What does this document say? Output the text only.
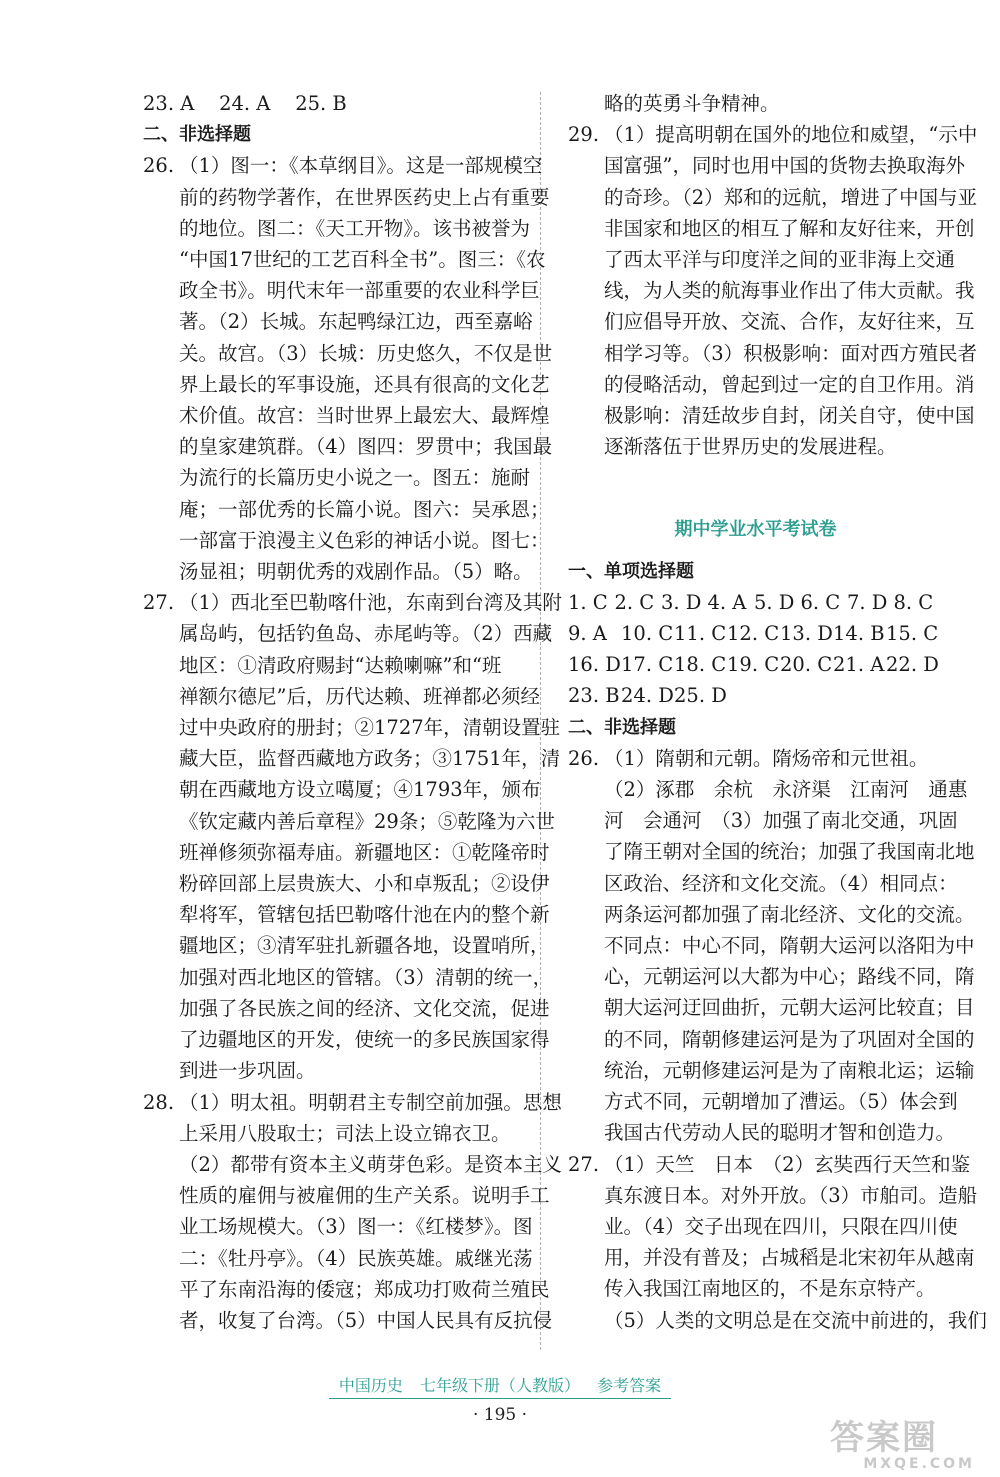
23. A 24. A 25. B
二、非选择题
26. （1）图一：《本草纲目》。这是一部规模空
前的药物学著作，在世界医药史上占有重要
的地位。图二：《天工开物》。该书被誉为
“中国17世纪的工艺百科全书”。图三：《农
政全书》。明代末年一部重要的农业科学巨
著。（2）长城。东起鸭绿江边，西至嘉峪
关。故宫。（3）长城：历史悠久，不仅是世
界上最长的军事设施，还具有很高的文化艺
术价值。故宫：当时世界上最宏大、最辉煌
的皇家建筑群。（4）图四：罗贯中；我国最
为流行的长篇历史小说之一。图五：施耐
庵；一部优秀的长篇小说。图六：吴承恩；
一部富于浪漫主义色彩的神话小说。图七：
汤显祖；明朝优秀的戏剧作品。（5）略。
27. （1）西北至巴勒喀什池，东南到台湾及其附
属岛屿，包括钓鱼岛、赤尾屿等。（2）西藏
地区：①清政府赐封“达赖喇嘛”和“班
禅额尔德尼”后，历代达赖、班禅都必须经
过中央政府的册封；②1727年，清朝设置驻
藏大臣，监督西藏地方政务；③1751年，清
朝在西藏地方设立噶厦；④1793年，颁布
《钦定藏内善后章程》29条；⑤乾隆为六世
班禅修须弥福寿庙。新疆地区：①乾隆帝时
粉碎回部上层贵族大、小和卓叛乱；②设伊
犁将军，管辖包括巴勒喀什池在内的整个新
疆地区；③清军驻扎新疆各地，设置哨所，
加强对西北地区的管辖。（3）清朝的统一，
加强了各民族之间的经济、文化交流，促进
了边疆地区的开发，使统一的多民族国家得
到进一步巩固。
28. （1）明太祖。明朝君主专制空前加强。思想
上采用八股取士；司法上设立锦衣卫。
（2）都带有资本主义萌芽色彩。是资本主义
性质的雇佣与被雇佣的生产关系。说明手工
业工场规模大。（3）图一：《红楼梦》。图
二：《牡丹亭》。（4）民族英雄。戚继光荡
平了东南沿海的倭寇；郑成功打败荷兰殖民
者，收复了台湾。（5）中国人民具有反抗侵
略的英勇斗争精神。
29. （1）提高明朝在国外的地位和威望，“示中
国富强”，同时也用中国的货物去换取海外
的奇珍。（2）郑和的远航，增进了中国与亚
非国家和地区的相互了解和友好往来，开创
了西太平洋与印度洋之间的亚非海上交通
线，为人类的航海事业作出了伟大贡献。我
们应倡导开放、交流、合作，友好往来，互
相学习等。（3）积极影响：面对西方殖民者
的侵略活动，曾起到过一定的自卫作用。消
极影响：清廷故步自封，闭关自守，使中国
逐渐落伍于世界历史的发展进程。
期中学业水平考试卷
一、单项选择题
1. C 2. C 3. D 4. A 5. D 6. C 7. D 8. C
9. A 10. C11. C12. C13. D14. B15. C
16. D17. C18. C19. C20. C21. A22. D
23. B24. D25. D
二、非选择题
26. （1）隋朝和元朝。隋炀帝和元世祖。
（2）涿郡　余杭　永济渠　江南河　通惠
河　会通河　（3）加强了南北交通，巩固
了隋王朝对全国的统治；加强了我国南北地
区政治、经济和文化交流。（4）相同点：
两条运河都加强了南北经济、文化的交流。
不同点：中心不同，隋朝大运河以洛阳为中
心，元朝运河以大都为中心；路线不同，隋
朝大运河迂回曲折，元朝大运河比较直；目
的不同，隋朝修建运河是为了巩固对全国的
统治，元朝修建运河是为了南粮北运；运输
方式不同，元朝增加了漕运。（5）体会到
我国古代劳动人民的聪明才智和创造力。
27. （1）天竺　日本　（2）玄奘西行天竺和鉴
真东渡日本。对外开放。（3）市舶司。造船
业。（4）交子出现在四川，只限在四川使
用，并没有普及；占城稻是北宋初年从越南
传入我国江南地区的，不是东京特产。
（5）人类的文明总是在交流中前进的，我们
中国历史 七年级下册（人教版） 参考答案
· 195 ·
答案圈
MXQE.COM
